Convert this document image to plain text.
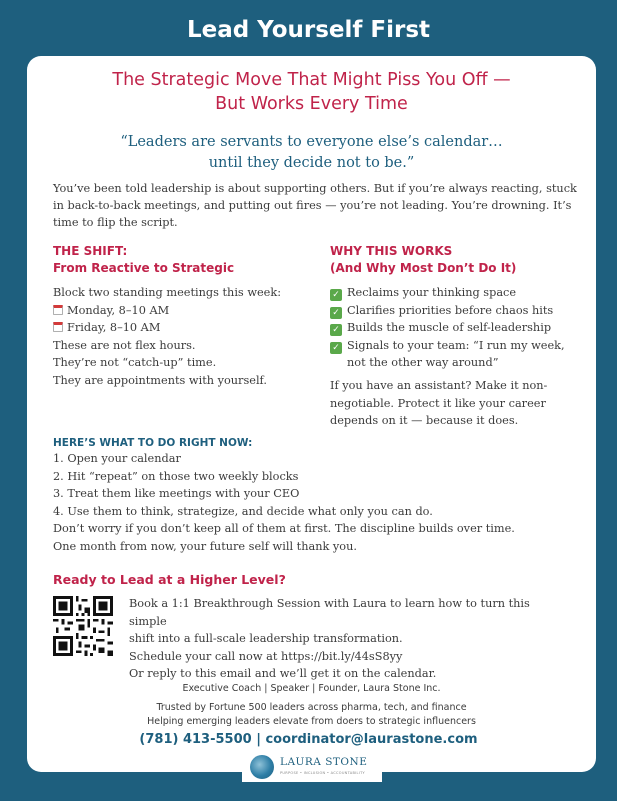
Lead Yourself First
The Strategic Move That Might Piss You Off —
But Works Every Time
“Leaders are servants to everyone else’s calendar…
until they decide not to be.”
You’ve been told leadership is about supporting others. But if you’re always reacting, stuck in back-to-back meetings, and putting out fires — you’re not leading. You’re drowning. It’s time to flip the script.
THE SHIFT:
From Reactive to Strategic
Block two standing meetings this week:
Monday, 8–10 AM
Friday, 8–10 AM
These are not flex hours.
They’re not “catch-up” time.
They are appointments with yourself.
WHY THIS WORKS
(And Why Most Don’t Do It)
✓ Reclaims your thinking space
✓ Clarifies priorities before chaos hits
✓ Builds the muscle of self-leadership
✓ Signals to your team: “I run my week,
not the other way around”
If you have an assistant? Make it non-
negotiable. Protect it like your career
depends on it — because it does.
HERE’S WHAT TO DO RIGHT NOW:
1. Open your calendar
2. Hit “repeat” on those two weekly blocks
3. Treat them like meetings with your CEO
4. Use them to think, strategize, and decide what only you can do.
Don’t worry if you don’t keep all of them at first. The discipline builds over time.
One month from now, your future self will thank you.
Ready to Lead at a Higher Level?
Book a 1:1 Breakthrough Session with Laura to learn how to turn this simple
shift into a full-scale leadership transformation.
Schedule your call now at https://bit.ly/44sS8yy
Or reply to this email and we’ll get it on the calendar.
Executive Coach | Speaker | Founder, Laura Stone Inc.
Trusted by Fortune 500 leaders across pharma, tech, and finance
Helping emerging leaders elevate from doers to strategic influencers
(781) 413-5500 | coordinator@laurastone.com
LAURA STONE
PURPOSE • INCLUSION • ACCOUNTABILITY
laurastone.com
